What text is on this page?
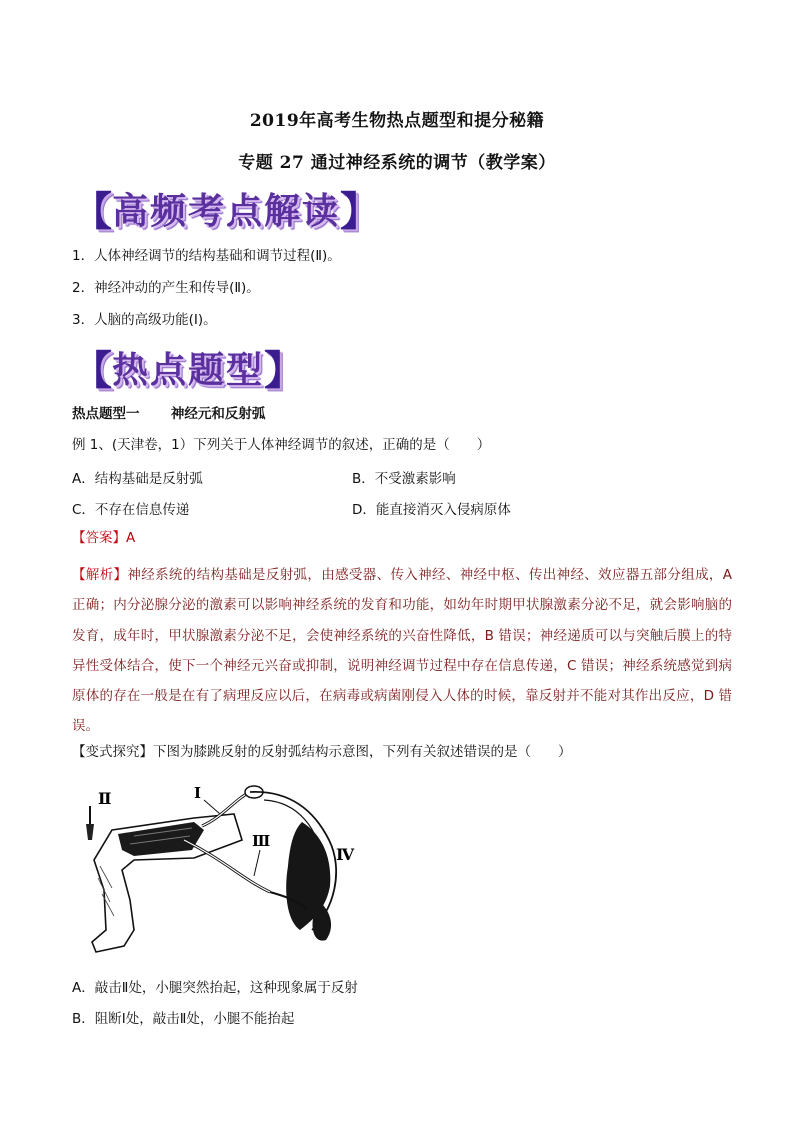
2019年高考生物热点题型和提分秘籍
专题 27 通过神经系统的调节（教学案）
【 高频考点解读 】
1．人体神经调节的结构基础和调节过程(Ⅱ)。
2．神经冲动的产生和传导(Ⅱ)。
3．人脑的高级功能(Ⅰ)。
【 热点题型 】
热点题型一 神经元和反射弧
例 1、(天津卷，1）下列关于人体神经调节的叙述，正确的是（　　）
A．结构基础是反射弧	B．不受激素影响
C．不存在信息传递	D．能直接消灭入侵病原体
【答案】A
【解析】神经系统的结构基础是反射弧，由感受器、传入神经、神经中枢、传出神经、效应器五部分组成，A 正确；内分泌腺分泌的激素可以影响神经系统的发育和功能，如幼年时期甲状腺激素分泌不足，就会影响脑的发育，成年时，甲状腺激素分泌不足，会使神经系统的兴奋性降低，B 错误；神经递质可以与突触后膜上的特异性受体结合，使下一个神经元兴奋或抑制，说明神经调节过程中存在信息传递，C 错误；神经系统感觉到病原体的存在一般是在有了病理反应以后，在病毒或病菌刚侵入人体的时候，靠反射并不能对其作出反应，D 错误。
【变式探究】下图为膝跳反射的反射弧结构示意图，下列有关叙述错误的是（　　）
Ⅱ	Ⅰ
Ⅲ
Ⅳ
A．敲击Ⅱ处，小腿突然抬起，这种现象属于反射
B．阻断Ⅰ处，敲击Ⅱ处，小腿不能抬起
